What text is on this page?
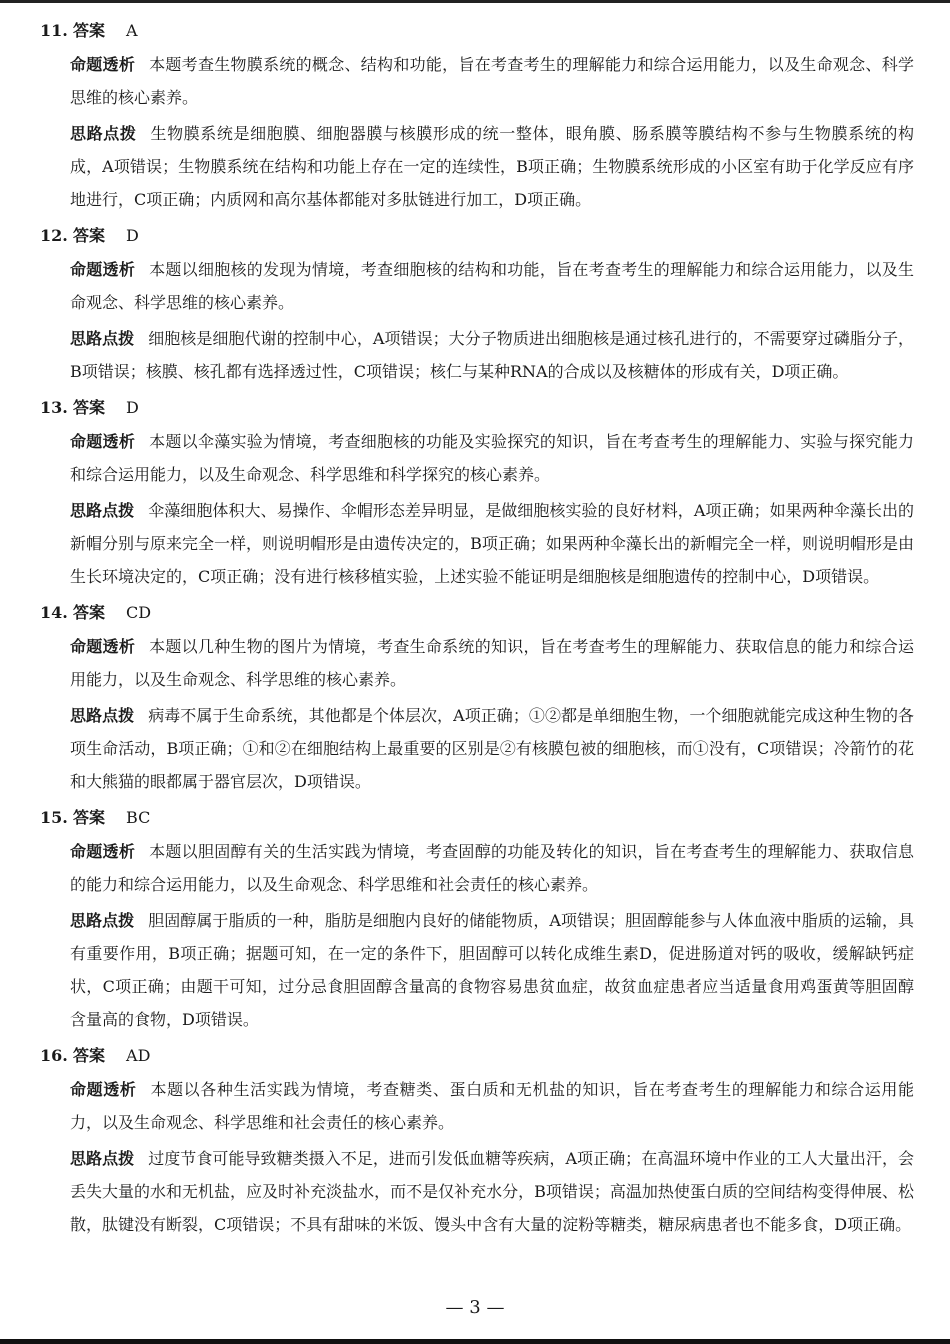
11. 答案 A
命题透析 本题考查生物膜系统的概念、结构和功能，旨在考查考生的理解能力和综合运用能力，以及生命观念、科学思维的核心素养。
思路点拨 生物膜系统是细胞膜、细胞器膜与核膜形成的统一整体，眼角膜、肠系膜等膜结构不参与生物膜系统的构成，A项错误；生物膜系统在结构和功能上存在一定的连续性，B项正确；生物膜系统形成的小区室有助于化学反应有序地进行，C项正确；内质网和高尔基体都能对多肽链进行加工，D项正确。
12. 答案 D
命题透析 本题以细胞核的发现为情境，考查细胞核的结构和功能，旨在考查考生的理解能力和综合运用能力，以及生命观念、科学思维的核心素养。
思路点拨 细胞核是细胞代谢的控制中心，A项错误；大分子物质进出细胞核是通过核孔进行的，不需要穿过磷脂分子，B项错误；核膜、核孔都有选择透过性，C项错误；核仁与某种RNA的合成以及核糖体的形成有关，D项正确。
13. 答案 D
命题透析 本题以伞藻实验为情境，考查细胞核的功能及实验探究的知识，旨在考查考生的理解能力、实验与探究能力和综合运用能力，以及生命观念、科学思维和科学探究的核心素养。
思路点拨 伞藻细胞体积大、易操作、伞帽形态差异明显，是做细胞核实验的良好材料，A项正确；如果两种伞藻长出的新帽分别与原来完全一样，则说明帽形是由遗传决定的，B项正确；如果两种伞藻长出的新帽完全一样，则说明帽形是由生长环境决定的，C项正确；没有进行核移植实验，上述实验不能证明是细胞核是细胞遗传的控制中心，D项错误。
14. 答案 CD
命题透析 本题以几种生物的图片为情境，考查生命系统的知识，旨在考查考生的理解能力、获取信息的能力和综合运用能力，以及生命观念、科学思维的核心素养。
思路点拨 病毒不属于生命系统，其他都是个体层次，A项正确；①②都是单细胞生物，一个细胞就能完成这种生物的各项生命活动，B项正确；①和②在细胞结构上最重要的区别是②有核膜包被的细胞核，而①没有，C项错误；冷箭竹的花和大熊猫的眼都属于器官层次，D项错误。
15. 答案 BC
命题透析 本题以胆固醇有关的生活实践为情境，考查固醇的功能及转化的知识，旨在考查考生的理解能力、获取信息的能力和综合运用能力，以及生命观念、科学思维和社会责任的核心素养。
思路点拨 胆固醇属于脂质的一种，脂肪是细胞内良好的储能物质，A项错误；胆固醇能参与人体血液中脂质的运输，具有重要作用，B项正确；据题可知，在一定的条件下，胆固醇可以转化成维生素D，促进肠道对钙的吸收，缓解缺钙症状，C项正确；由题干可知，过分忌食胆固醇含量高的食物容易患贫血症，故贫血症患者应当适量食用鸡蛋黄等胆固醇含量高的食物，D项错误。
16. 答案 AD
命题透析 本题以各种生活实践为情境，考查糖类、蛋白质和无机盐的知识，旨在考查考生的理解能力和综合运用能力，以及生命观念、科学思维和社会责任的核心素养。
思路点拨 过度节食可能导致糖类摄入不足，进而引发低血糖等疾病，A项正确；在高温环境中作业的工人大量出汗，会丢失大量的水和无机盐，应及时补充淡盐水，而不是仅补充水分，B项错误；高温加热使蛋白质的空间结构变得伸展、松散，肽键没有断裂，C项错误；不具有甜味的米饭、馒头中含有大量的淀粉等糖类，糖尿病患者也不能多食，D项正确。
— 3 —
